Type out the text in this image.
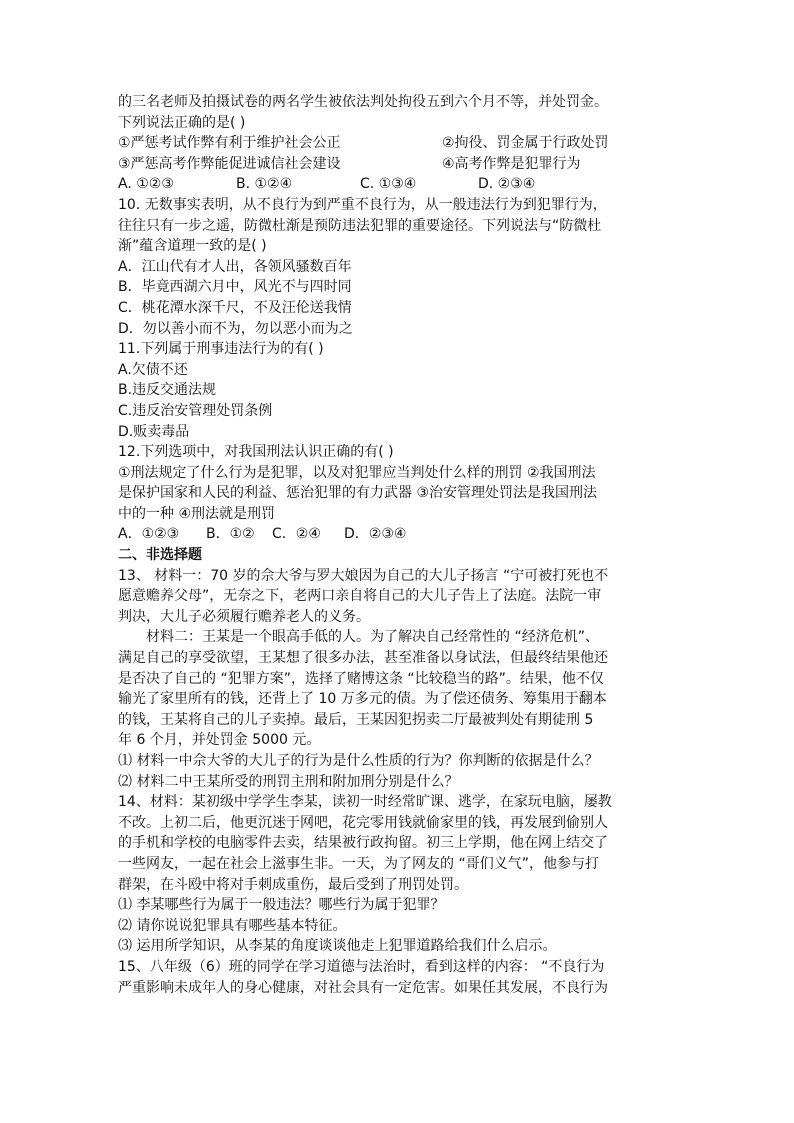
的三名老师及拍摄试卷的两名学生被依法判处拘役五到六个月不等，并处罚金。
下列说法正确的是( )
①严惩考试作弊有利于维护社会公正	②拘役、罚金属于行政处罚
③严惩高考作弊能促进诚信社会建设	④高考作弊是犯罪行为
A. ①②③	B. ①②④	C. ①③④	D. ②③④
10. 无数事实表明，从不良行为到严重不良行为，从一般违法行为到犯罪行为，
往往只有一步之遥，防微杜渐是预防违法犯罪的重要途径。下列说法与“防微杜
渐”蕴含道理一致的是( )
A．江山代有才人出，各领风骚数百年
B．毕竟西湖六月中，风光不与四时同
C．桃花潭水深千尺，不及汪伦送我情
D．勿以善小而不为，勿以恶小而为之
11.下列属于刑事违法行为的有( )
A.欠债不还
B.违反交通法规
C.违反治安管理处罚条例
D.贩卖毒品
12.下列选项中，对我国刑法认识正确的有( )
①刑法规定了什么行为是犯罪，以及对犯罪应当判处什么样的刑罚 ②我国刑法
是保护国家和人民的利益、惩治犯罪的有力武器 ③治安管理处罚法是我国刑法
中的一种 ④刑法就是刑罚
A．①②③ B．①② C．②④ D．②③④
二、非选择题
13、 材料一：70 岁的佘大爷与罗大娘因为自己的大儿子扬言 “宁可被打死也不
愿意赡养父母”，无奈之下，老两口亲自将自己的大儿子告上了法庭。法院一审
判决，大儿子必须履行赡养老人的义务。
材料二：王某是一个眼高手低的人。为了解决自己经常性的 “经济危机”、
满足自己的享受欲望，王某想了很多办法，甚至准备以身试法，但最终结果他还
是否决了自己的 “犯罪方案”，选择了赌博这条 “比较稳当的路”。结果，他不仅
输光了家里所有的钱，还背上了 10 万多元的债。为了偿还债务、筹集用于翻本
的钱，王某将自己的儿子卖掉。最后，王某因犯拐卖二厅最被判处有期徒刑 5
年 6 个月，并处罚金 5000 元。
⑴ 材料一中佘大爷的大儿子的行为是什么性质的行为？你判断的依据是什么？
⑵ 材料二中王某所受的刑罚主刑和附加刑分别是什么？
14、材料：某初级中学学生李某，读初一时经常旷课、逃学，在家玩电脑，屡教
不改。上初二后，他更沉迷于网吧，花完零用钱就偷家里的钱，再发展到偷别人
的手机和学校的电脑零件去卖，结果被行政拘留。初三上学期，他在网上结交了
一些网友，一起在社会上滋事生非。一天，为了网友的 “哥们义气”，他参与打
群架，在斗殴中将对手刺成重伤，最后受到了刑罚处罚。
⑴ 李某哪些行为属于一般违法？哪些行为属于犯罪？
⑵ 请你说说犯罪具有哪些基本特征。
⑶ 运用所学知识，从李某的角度谈谈他走上犯罪道路给我们什么启示。
15、八年级（6）班的同学在学习道德与法治时，看到这样的内容： “不良行为
严重影响未成年人的身心健康，对社会具有一定危害。如果任其发展，不良行为
